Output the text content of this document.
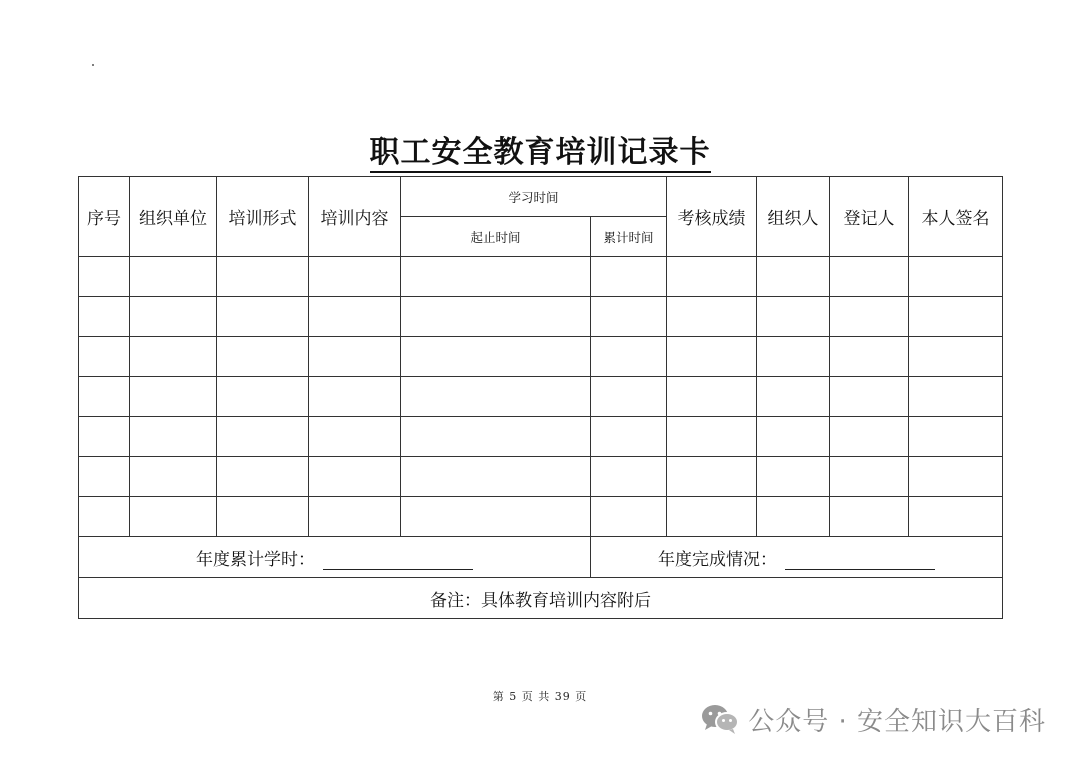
职工安全教育培训记录卡
序号	组织单位	培训形式	培训内容	学习时间		考核成绩	组织人	登记人	本人签名
				起止时间	累计时间				

年度累计学时：					年度完成情况：				
备注：具体教育培训内容附后									
第 5 页 共 39 页
公众号 · 安全知识大百科
